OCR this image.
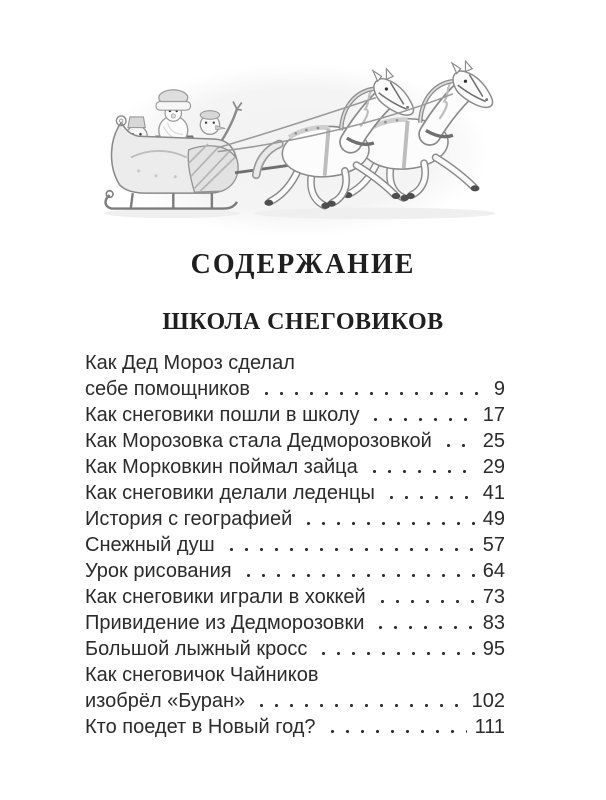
СОДЕРЖАНИЕ
ШКОЛА СНЕГОВИКОВ
Как Дед Мороз сделал
себе помощников	9
Как снеговики пошли в школу	17
Как Морозовка стала Дедморозовкой	25
Как Морковкин поймал зайца	29
Как снеговики делали леденцы	41
История с географией	49
Снежный душ	57
Урок рисования	64
Как снеговики играли в хоккей	73
Привидение из Дедморозовки	83
Большой лыжный кросс	95
Как снеговичок Чайников
изобрёл «Буран»	102
Кто поедет в Новый год?	111
